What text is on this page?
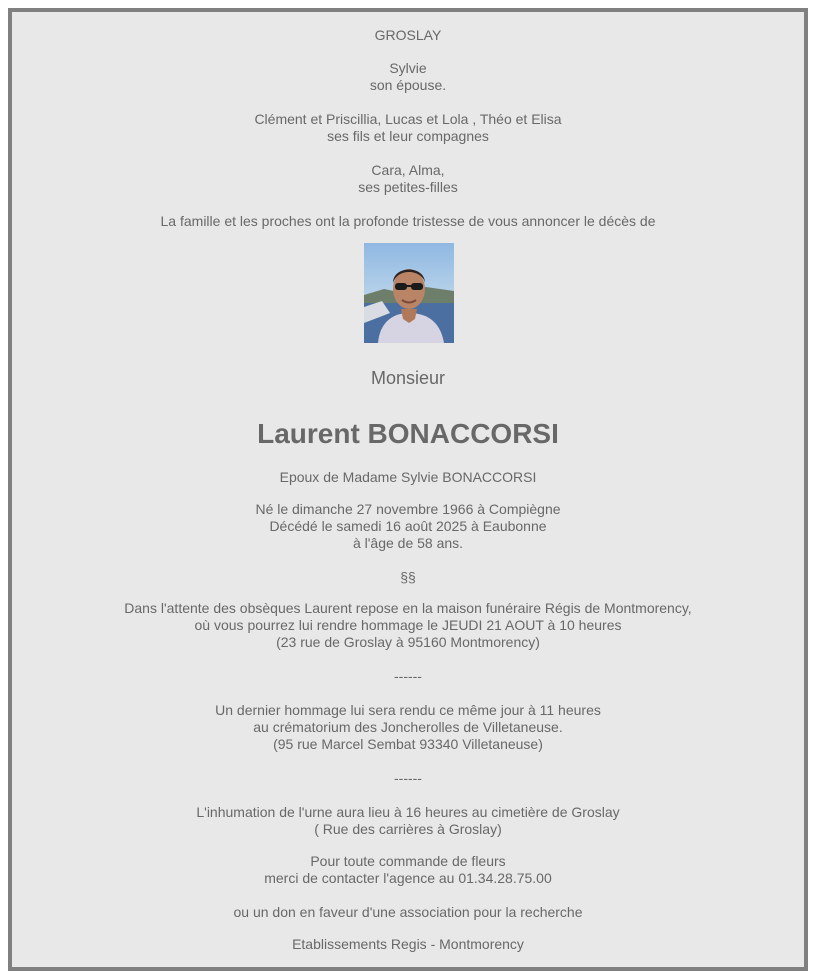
GROSLAY

Sylvie

son épouse.

Clément et Priscillia, Lucas et Lola , Théo et Elisa

ses fils et leur compagnes

Cara, Alma,

ses petites-filles

La famille et les proches ont la profonde tristesse de vous annoncer le décès de

Monsieur

Laurent BONACCORSI

Epoux de Madame Sylvie BONACCORSI

Né le dimanche 27 novembre 1966 à Compiègne

Décédé le samedi 16 août 2025 à Eaubonne

à l'âge de 58 ans.

§§

Dans l'attente des obsèques Laurent repose en la maison funéraire Régis de Montmorency,

où vous pourrez lui rendre hommage le JEUDI 21 AOUT à 10 heures

(23 rue de Groslay à 95160 Montmorency)

------

Un dernier hommage lui sera rendu ce même jour à 11 heures

au crématorium des Joncherolles de Villetaneuse.

(95 rue Marcel Sembat 93340 Villetaneuse)

------

L'inhumation de l'urne aura lieu à 16 heures au cimetière de Groslay

( Rue des carrières à Groslay)

Pour toute commande de fleurs

merci de contacter l'agence au 01.34.28.75.00

ou un don en faveur d'une association pour la recherche

Etablissements Regis - Montmorency
